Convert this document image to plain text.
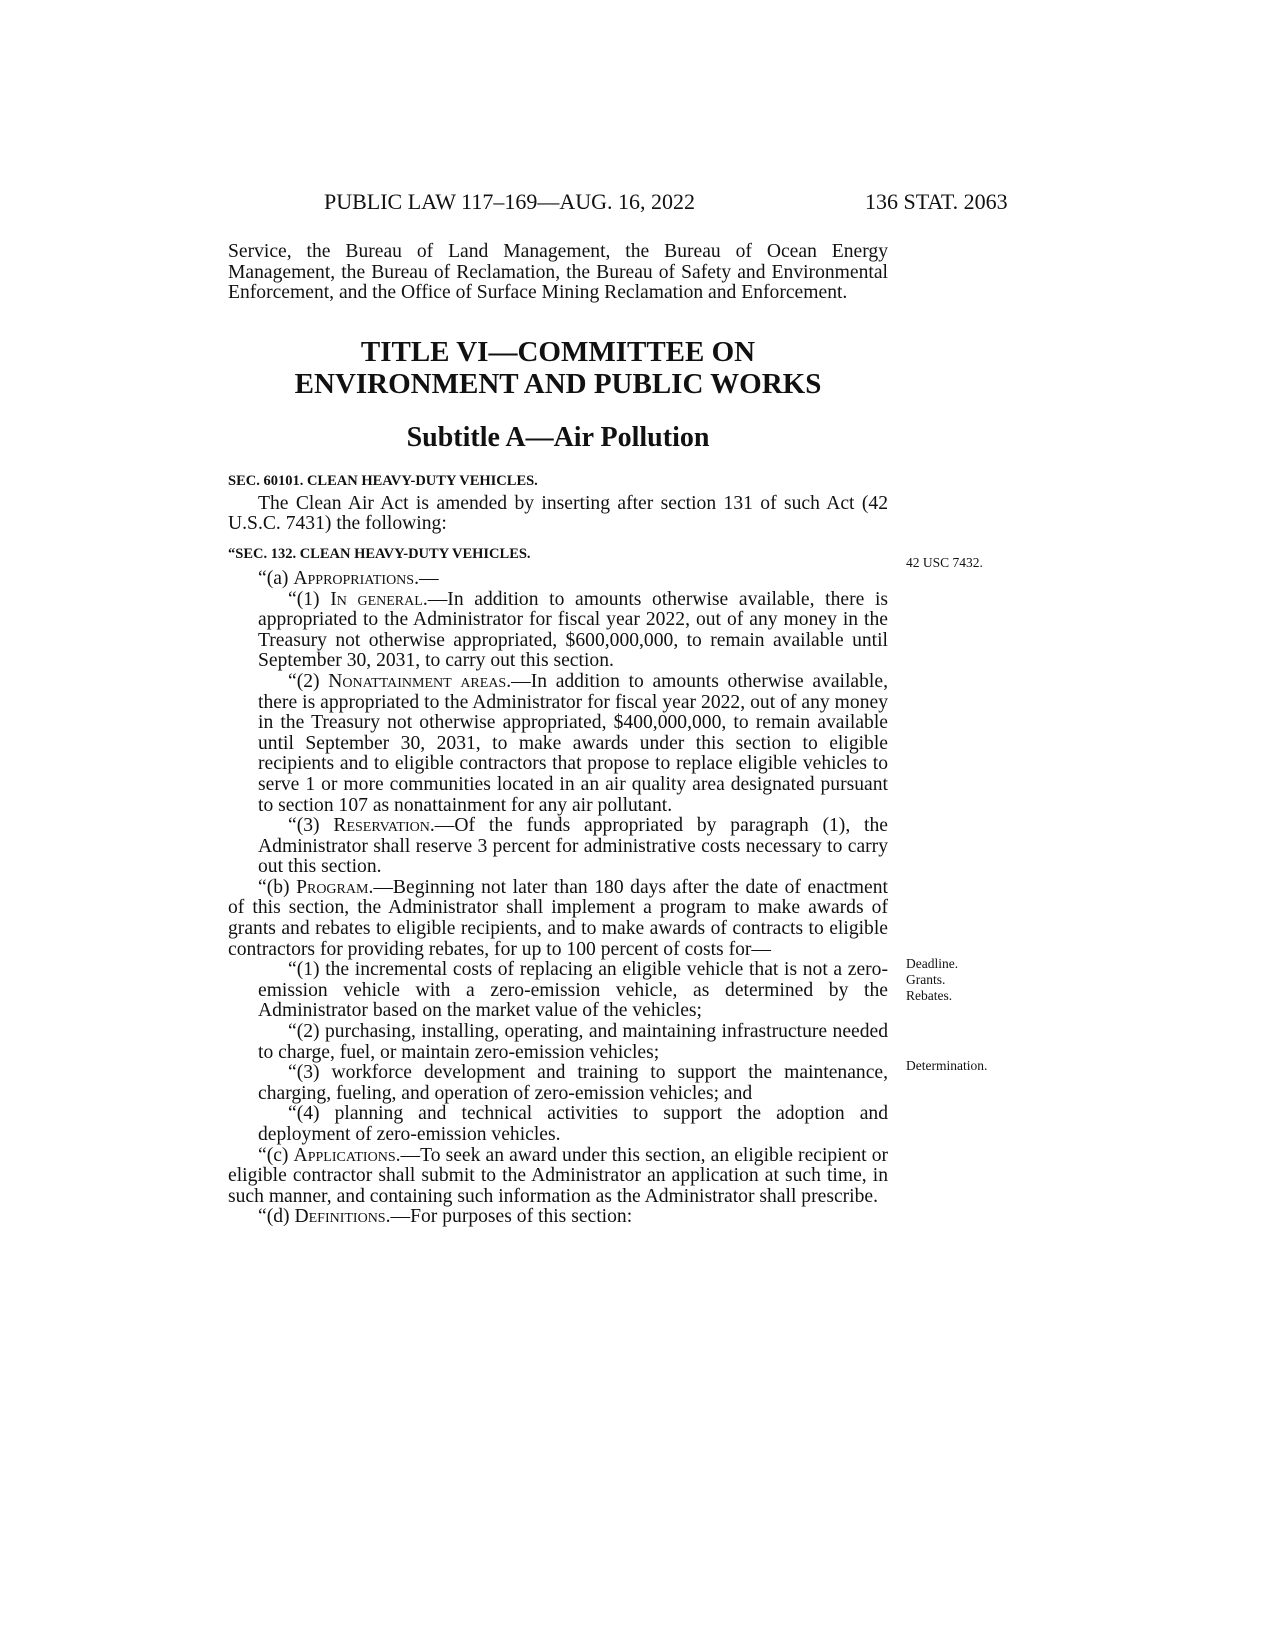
PUBLIC LAW 117–169—AUG. 16, 2022	136 STAT. 2063

Service, the Bureau of Land Management, the Bureau of Ocean Energy Management, the Bureau of Reclamation, the Bureau of Safety and Environmental Enforcement, and the Office of Surface Mining Reclamation and Enforcement.

TITLE VI—COMMITTEE ON
ENVIRONMENT AND PUBLIC WORKS
Subtitle A—Air Pollution
SEC. 60101. CLEAN HEAVY-DUTY VEHICLES.

The Clean Air Act is amended by inserting after section 131 of such Act (42 U.S.C. 7431) the following:

“SEC. 132. CLEAN HEAVY-DUTY VEHICLES.

“(a) Appropriations.—

“(1) In general.—In addition to amounts otherwise available, there is appropriated to the Administrator for fiscal year 2022, out of any money in the Treasury not otherwise appropriated, $600,000,000, to remain available until September 30, 2031, to carry out this section.

“(2) Nonattainment areas.—In addition to amounts otherwise available, there is appropriated to the Administrator for fiscal year 2022, out of any money in the Treasury not otherwise appropriated, $400,000,000, to remain available until September 30, 2031, to make awards under this section to eligible recipients and to eligible contractors that propose to replace eligible vehicles to serve 1 or more communities located in an air quality area designated pursuant to section 107 as nonattainment for any air pollutant.

“(3) Reservation.—Of the funds appropriated by paragraph (1), the Administrator shall reserve 3 percent for administrative costs necessary to carry out this section.

“(b) Program.—Beginning not later than 180 days after the date of enactment of this section, the Administrator shall implement a program to make awards of grants and rebates to eligible recipients, and to make awards of contracts to eligible contractors for providing rebates, for up to 100 percent of costs for—

“(1) the incremental costs of replacing an eligible vehicle that is not a zero-emission vehicle with a zero-emission vehicle, as determined by the Administrator based on the market value of the vehicles;

“(2) purchasing, installing, operating, and maintaining infrastructure needed to charge, fuel, or maintain zero-emission vehicles;

“(3) workforce development and training to support the maintenance, charging, fueling, and operation of zero-emission vehicles; and

“(4) planning and technical activities to support the adoption and deployment of zero-emission vehicles.

“(c) Applications.—To seek an award under this section, an eligible recipient or eligible contractor shall submit to the Administrator an application at such time, in such manner, and containing such information as the Administrator shall prescribe.

“(d) Definitions.—For purposes of this section:

42 USC 7432.
Deadline.
Grants.
Rebates.
Determination.
